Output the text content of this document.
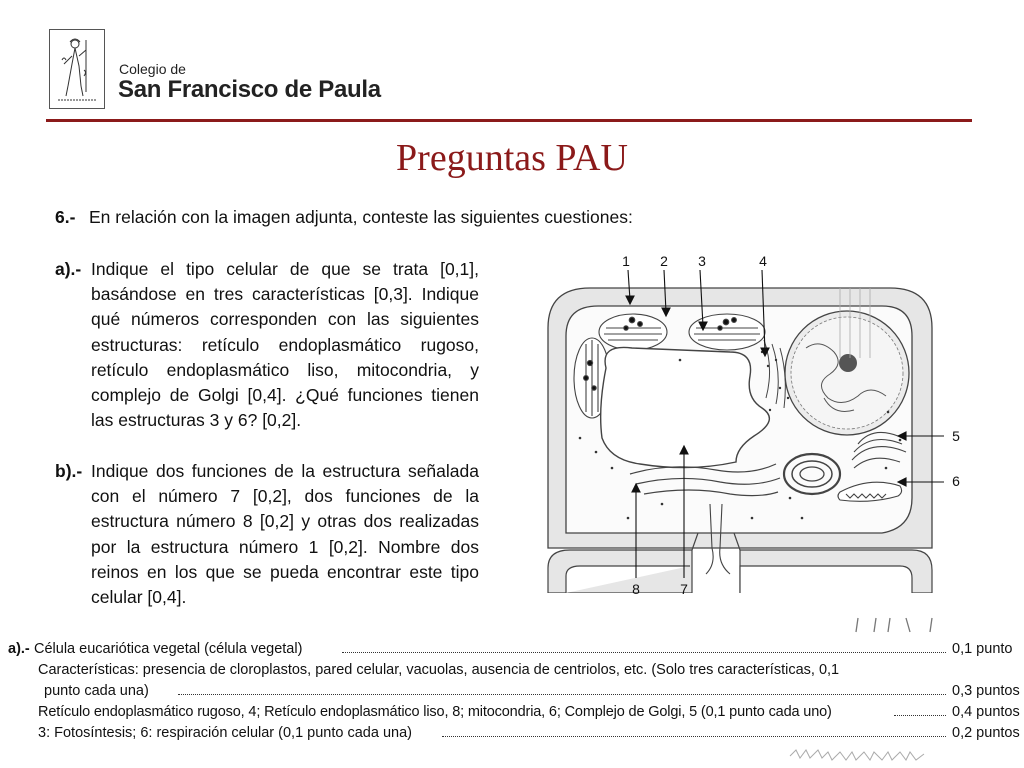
Colegio de
San Francisco de Paula
Preguntas PAU
6.- En relación con la imagen adjunta, conteste las siguientes cuestiones:
a).- Indique el tipo celular de que se trata [0,1], basándose en tres características [0,3]. Indique qué números corresponden con las siguientes estructuras: retículo endoplasmático rugoso, retículo endoplasmático liso, mitocondria, y complejo de Golgi [0,4]. ¿Qué funciones tienen las estructuras 3 y 6? [0,2].
b).- Indique dos funciones de la estructura señalada con el número 7 [0,2], dos funciones de la estructura número 8 [0,2] y otras dos realizadas por la estructura número 1 [0,2]. Nombre dos reinos en los que se pueda encontrar este tipo celular [0,4].
1 2 3	4
5
6
7
8
a).- Célula eucariótica vegetal (célula vegetal)	0,1 punto
Características: presencia de cloroplastos, pared celular, vacuolas, ausencia de centriolos, etc. (Solo tres características, 0,1
punto cada una)	0,3 puntos
Retículo endoplasmático rugoso, 4; Retículo endoplasmático liso, 8; mitocondria, 6; Complejo de Golgi, 5 (0,1 punto cada uno)	0,4 puntos
3: Fotosíntesis; 6: respiración celular (0,1 punto cada una)	0,2 puntos
